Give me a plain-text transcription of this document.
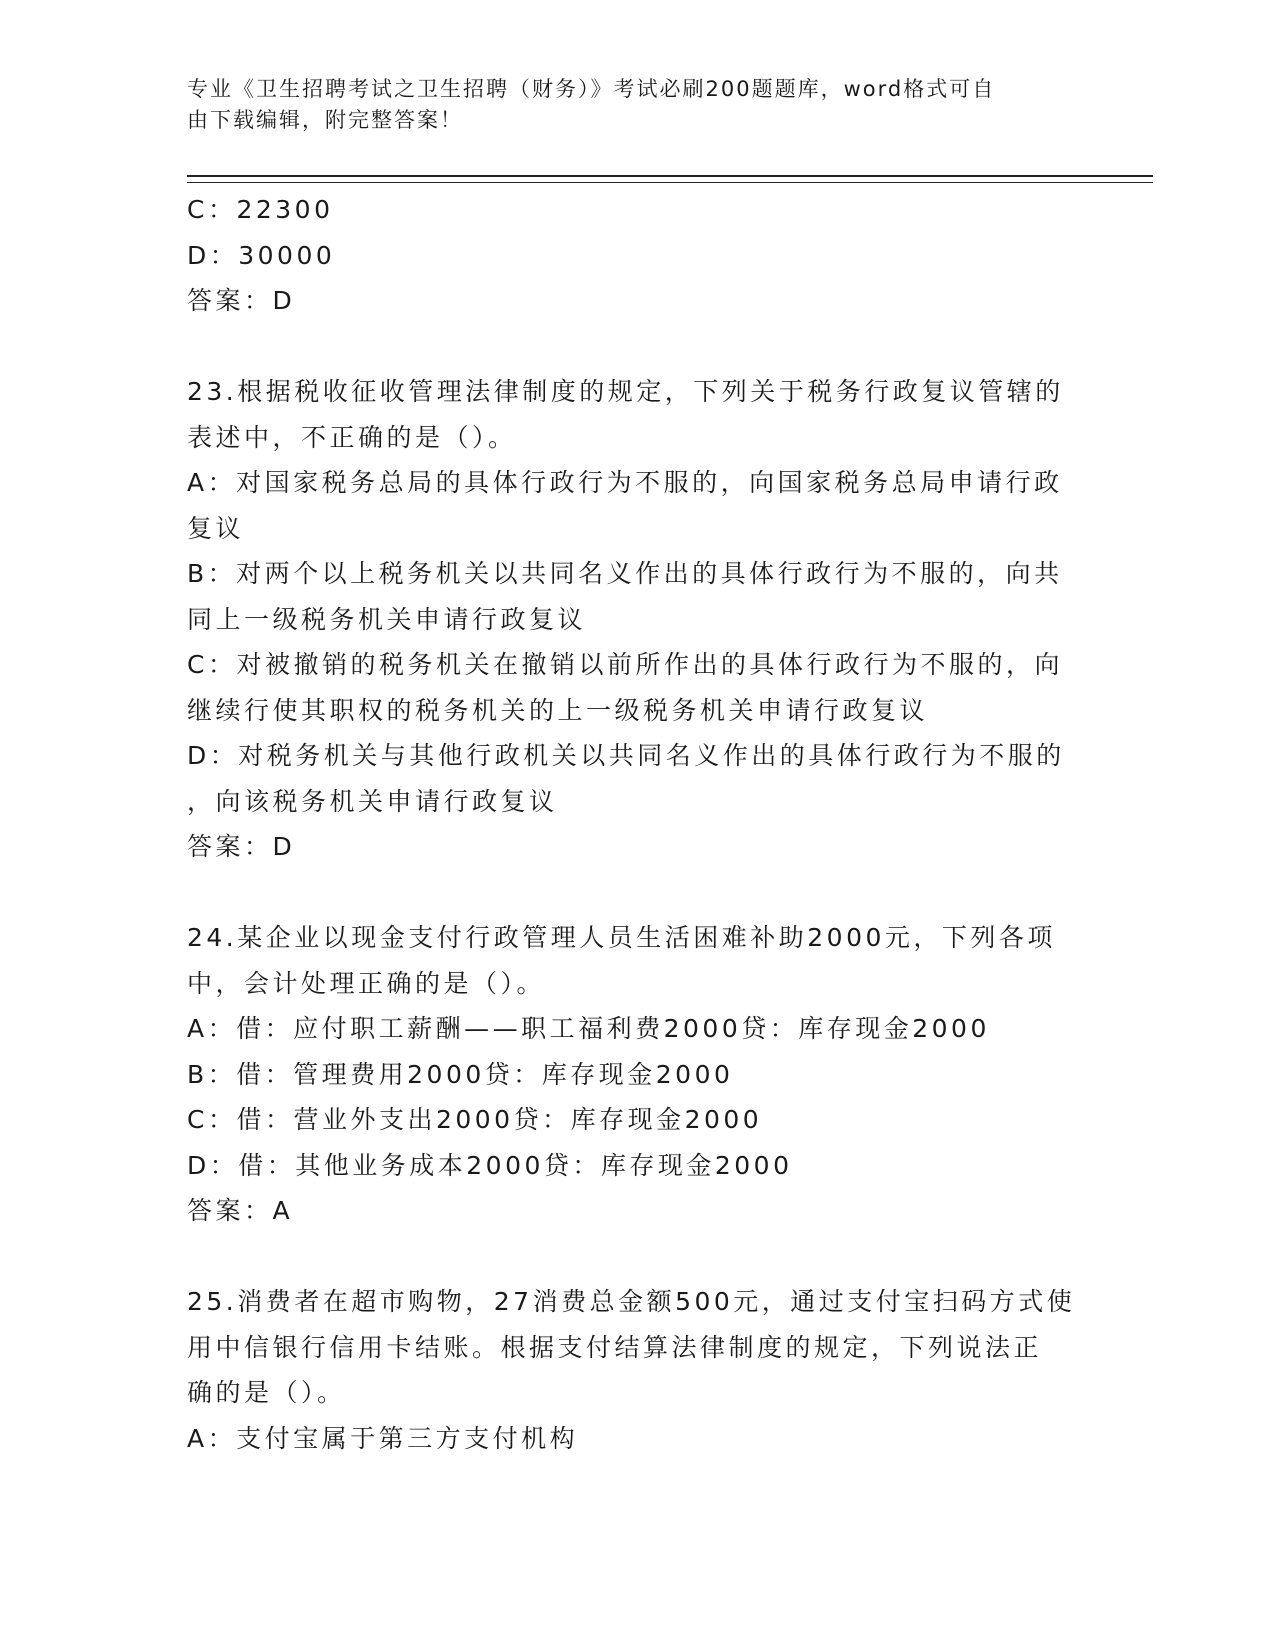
专业《卫生招聘考试之卫生招聘（财务）》考试必刷200题题库，word格式可自
由下载编辑，附完整答案！
C：22300
D：30000
答案：D
23.根据税收征收管理法律制度的规定，下列关于税务行政复议管辖的
表述中，不正确的是（）。
A：对国家税务总局的具体行政行为不服的，向国家税务总局申请行政
复议
B：对两个以上税务机关以共同名义作出的具体行政行为不服的，向共
同上一级税务机关申请行政复议
C：对被撤销的税务机关在撤销以前所作出的具体行政行为不服的，向
继续行使其职权的税务机关的上一级税务机关申请行政复议
D：对税务机关与其他行政机关以共同名义作出的具体行政行为不服的
，向该税务机关申请行政复议
答案：D
24.某企业以现金支付行政管理人员生活困难补助2000元，下列各项
中，会计处理正确的是（）。
A：借：应付职工薪酬——职工福利费2000贷：库存现金2000
B：借：管理费用2000贷：库存现金2000
C：借：营业外支出2000贷：库存现金2000
D：借：其他业务成本2000贷：库存现金2000
答案：A
25.消费者在超市购物，27消费总金额500元，通过支付宝扫码方式使
用中信银行信用卡结账。根据支付结算法律制度的规定，下列说法正
确的是（）。
A：支付宝属于第三方支付机构
